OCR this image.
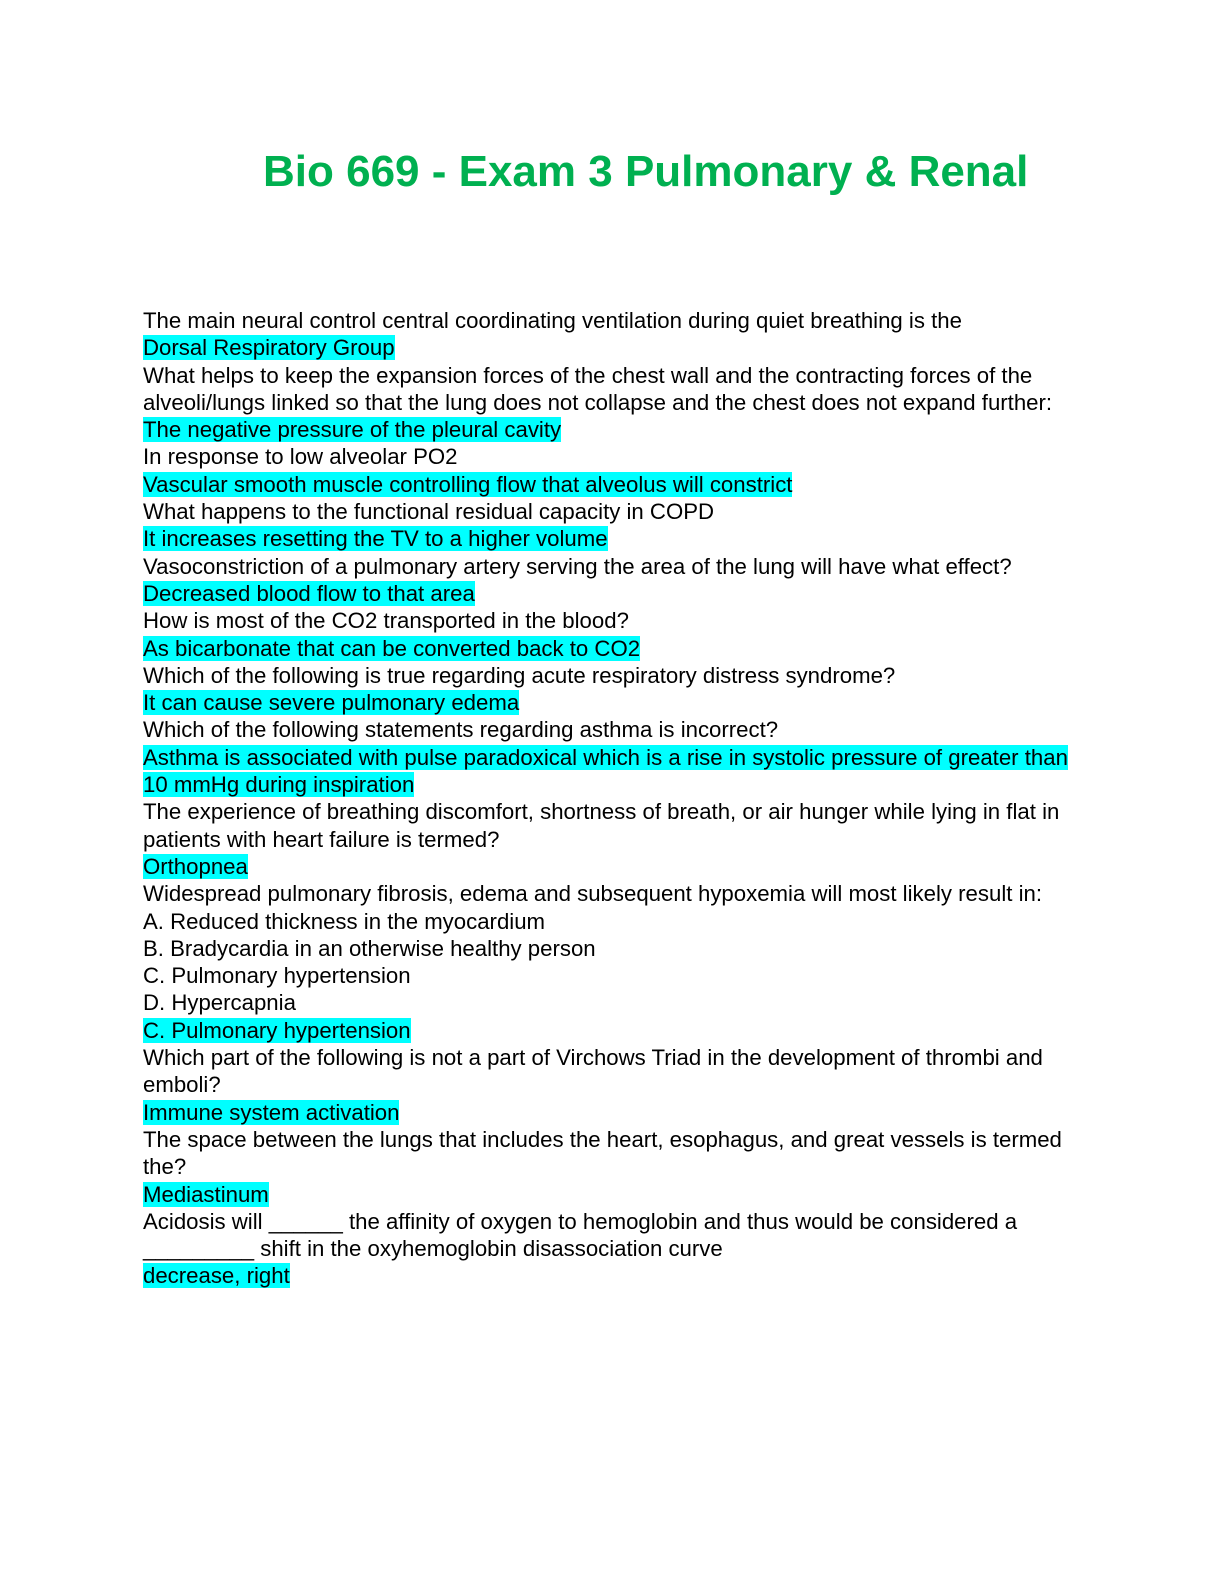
Bio 669 - Exam 3 Pulmonary & Renal

The main neural control central coordinating ventilation during quiet breathing is the

Dorsal Respiratory Group

What helps to keep the expansion forces of the chest wall and the contracting forces of the alveoli/lungs linked so that the lung does not collapse and the chest does not expand further:

The negative pressure of the pleural cavity

In response to low alveolar PO2

Vascular smooth muscle controlling flow that alveolus will constrict

What happens to the functional residual capacity in COPD

It increases resetting the TV to a higher volume

Vasoconstriction of a pulmonary artery serving the area of the lung will have what effect?

Decreased blood flow to that area

How is most of the CO2 transported in the blood?

As bicarbonate that can be converted back to CO2

Which of the following is true regarding acute respiratory distress syndrome?

It can cause severe pulmonary edema

Which of the following statements regarding asthma is incorrect?

Asthma is associated with pulse paradoxical which is a rise in systolic pressure of greater than 10 mmHg during inspiration

The experience of breathing discomfort, shortness of breath, or air hunger while lying in flat in patients with heart failure is termed?

Orthopnea

Widespread pulmonary fibrosis, edema and subsequent hypoxemia will most likely result in:

A. Reduced thickness in the myocardium

B. Bradycardia in an otherwise healthy person

C. Pulmonary hypertension

D. Hypercapnia

C. Pulmonary hypertension

Which part of the following is not a part of Virchows Triad in the development of thrombi and emboli?

Immune system activation

The space between the lungs that includes the heart, esophagus, and great vessels is termed the?

Mediastinum

Acidosis will ______ the affinity of oxygen to hemoglobin and thus would be considered a _________ shift in the oxyhemoglobin disassociation curve

decrease, right
